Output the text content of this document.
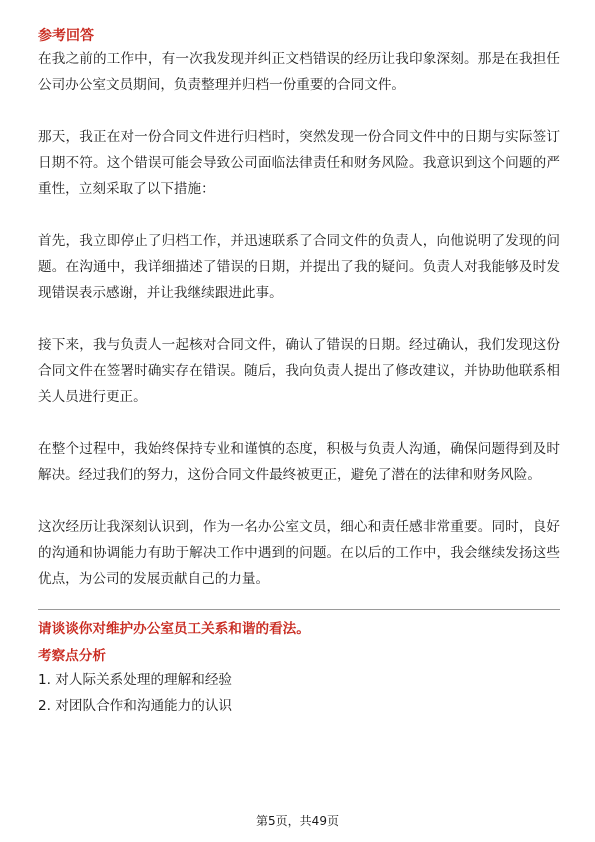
参考回答

在我之前的工作中，有一次我发现并纠正文档错误的经历让我印象深刻。那是在我担任公司办公室文员期间，负责整理并归档一份重要的合同文件。

那天，我正在对一份合同文件进行归档时，突然发现一份合同文件中的日期与实际签订日期不符。这个错误可能会导致公司面临法律责任和财务风险。我意识到这个问题的严重性，立刻采取了以下措施：

首先，我立即停止了归档工作，并迅速联系了合同文件的负责人，向他说明了发现的问题。在沟通中，我详细描述了错误的日期，并提出了我的疑问。负责人对我能够及时发现错误表示感谢，并让我继续跟进此事。

接下来，我与负责人一起核对合同文件，确认了错误的日期。经过确认，我们发现这份合同文件在签署时确实存在错误。随后，我向负责人提出了修改建议，并协助他联系相关人员进行更正。

在整个过程中，我始终保持专业和谨慎的态度，积极与负责人沟通，确保问题得到及时解决。经过我们的努力，这份合同文件最终被更正，避免了潜在的法律和财务风险。

这次经历让我深刻认识到，作为一名办公室文员，细心和责任感非常重要。同时，良好的沟通和协调能力有助于解决工作中遇到的问题。在以后的工作中，我会继续发扬这些优点，为公司的发展贡献自己的力量。

请谈谈你对维护办公室员工关系和谐的看法。
考察点分析
1. 对人际关系处理的理解和经验
2. 对团队合作和沟通能力的认识
第5页，共49页
